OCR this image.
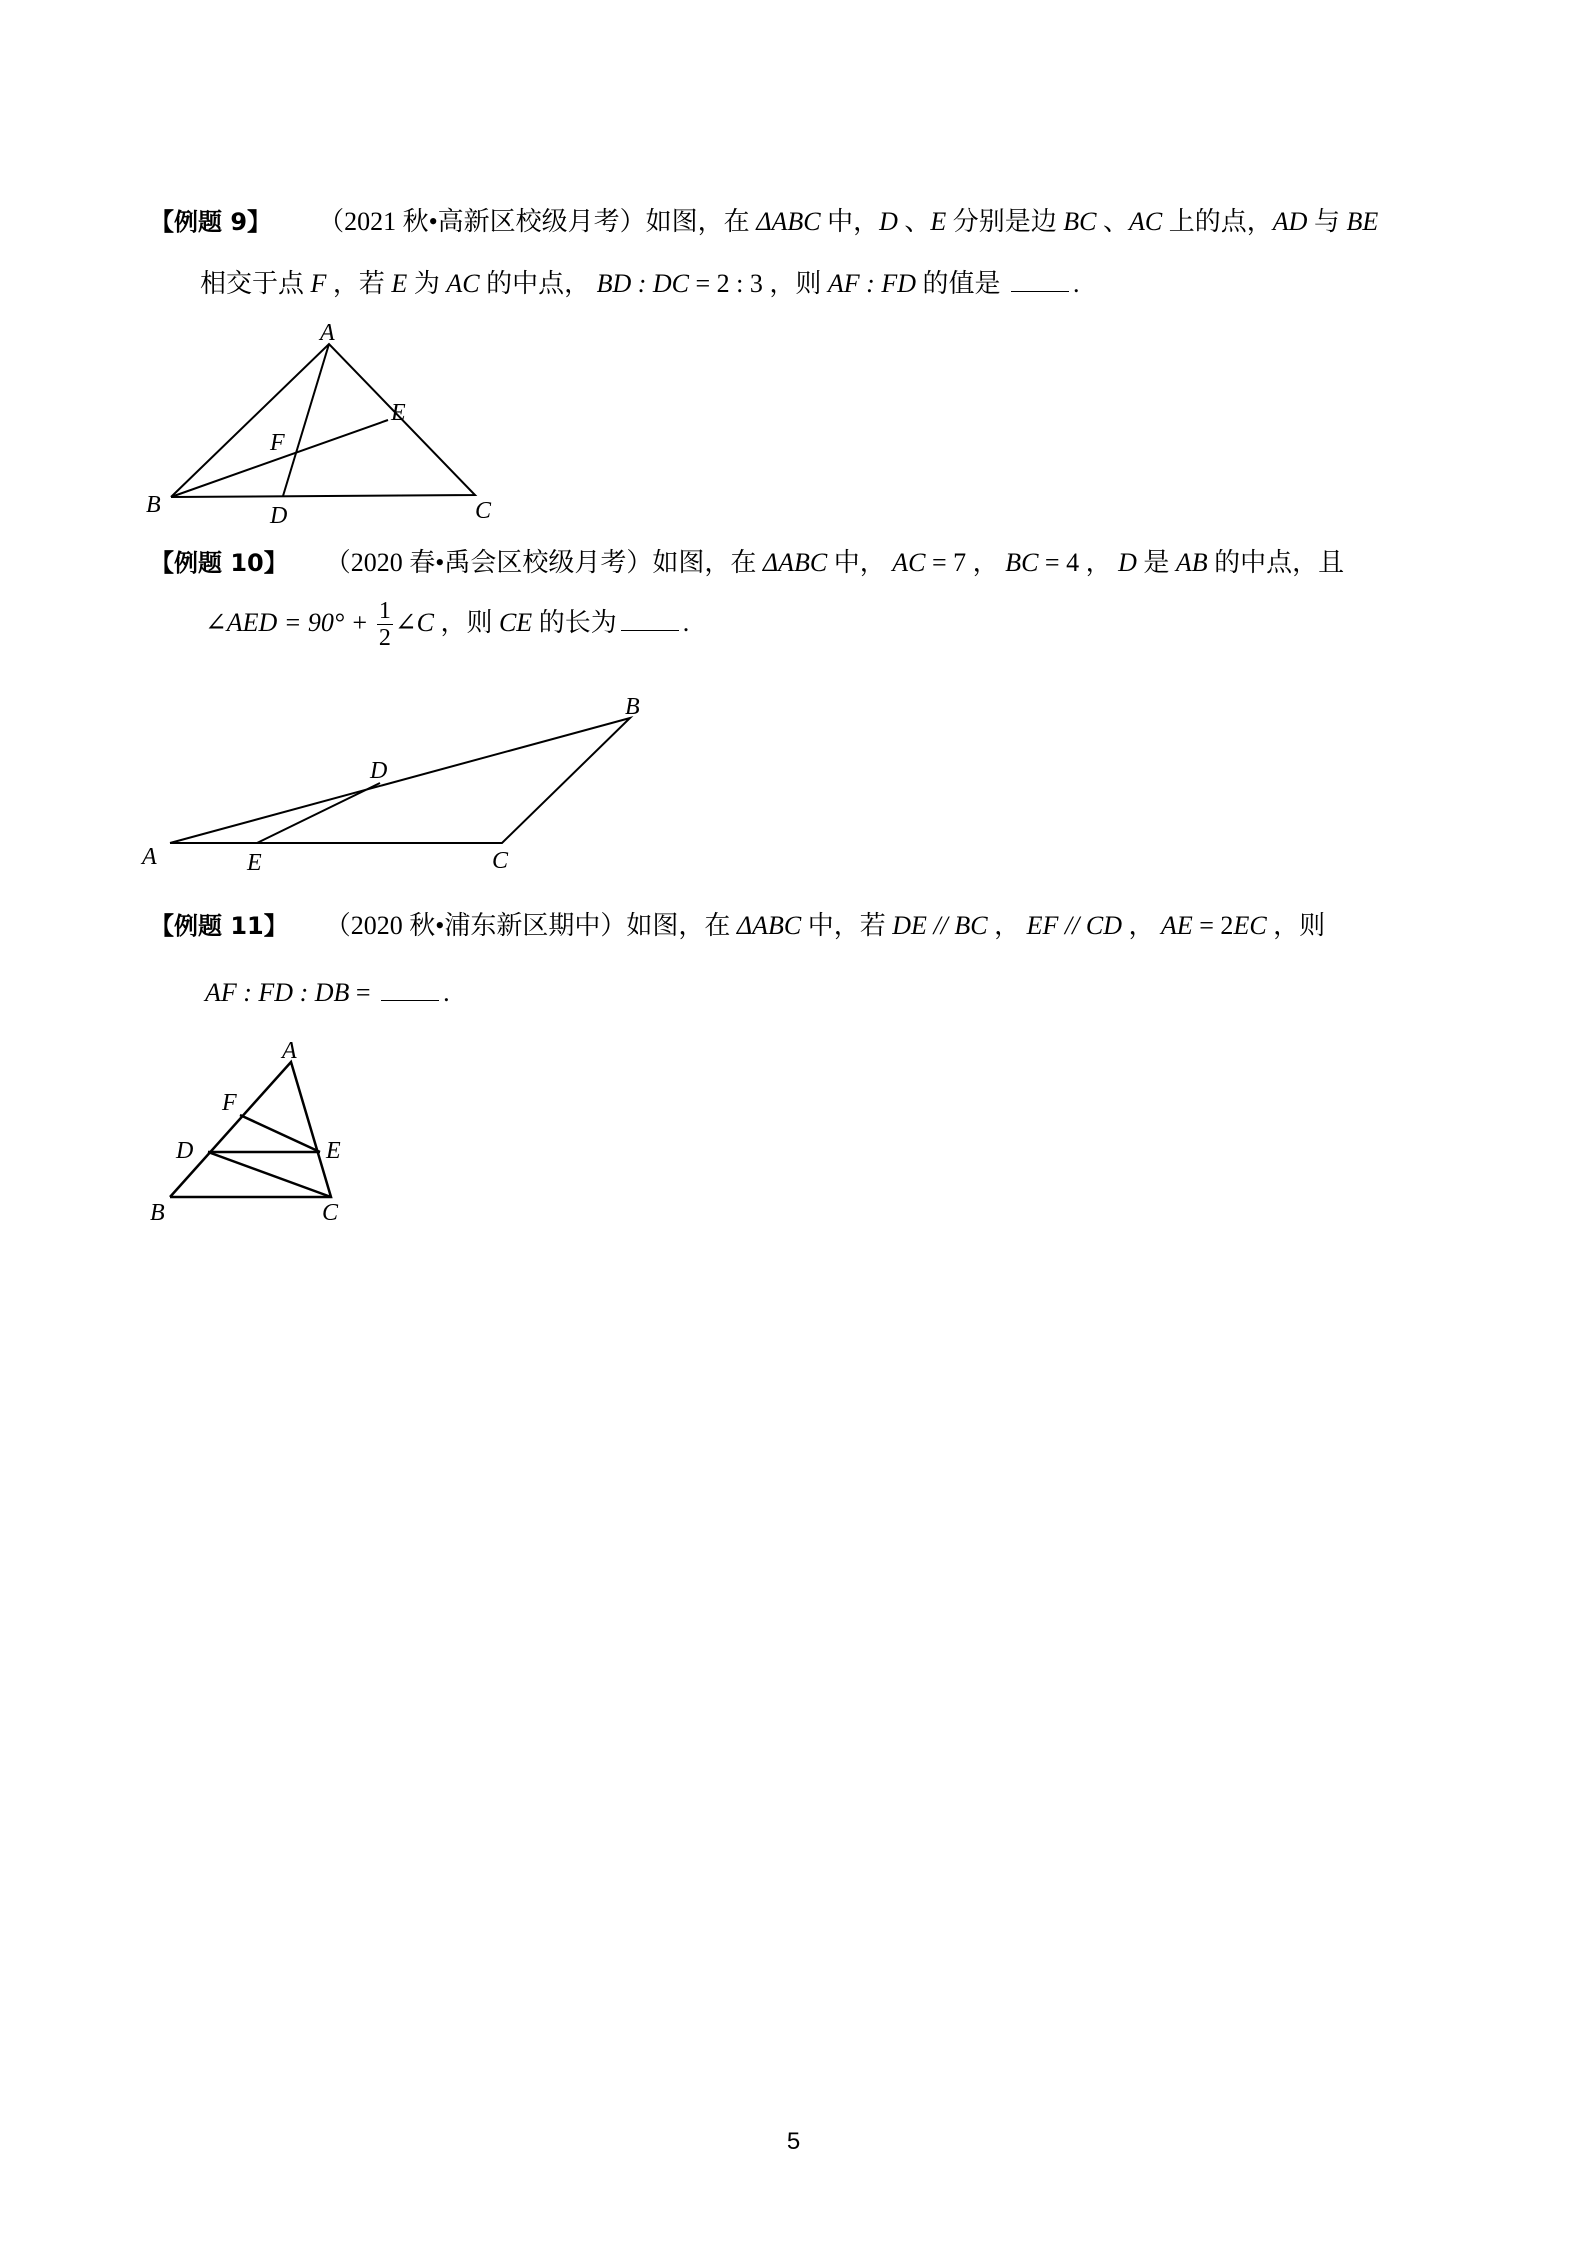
【例题 9】 （2021 秋•高新区校级月考）如图，在 ΔABC 中，D 、E 分别是边 BC 、AC 上的点，AD 与 BE
相交于点 F ，若 E 为 AC 的中点， BD : DC = 2 : 3 ，则 AF : FD 的值是	.
A
B	C
D
E
F
【例题 10】 （2020 春•禹会区校级月考）如图，在 ΔABC 中， AC = 7 ， BC = 4 ， D 是 AB 的中点，且
∠AED = $90^\circ + \frac{1}{2}$ ∠C ，则 CE 的长为	.
A
B
C
D
E
【例题 11】 （2020 秋•浦东新区期中）如图，在 ΔABC 中，若 DE // BC ， EF // CD ， AE = 2EC ，则
AF : FD : DB =	.
A
B	C
D	E
F
5
